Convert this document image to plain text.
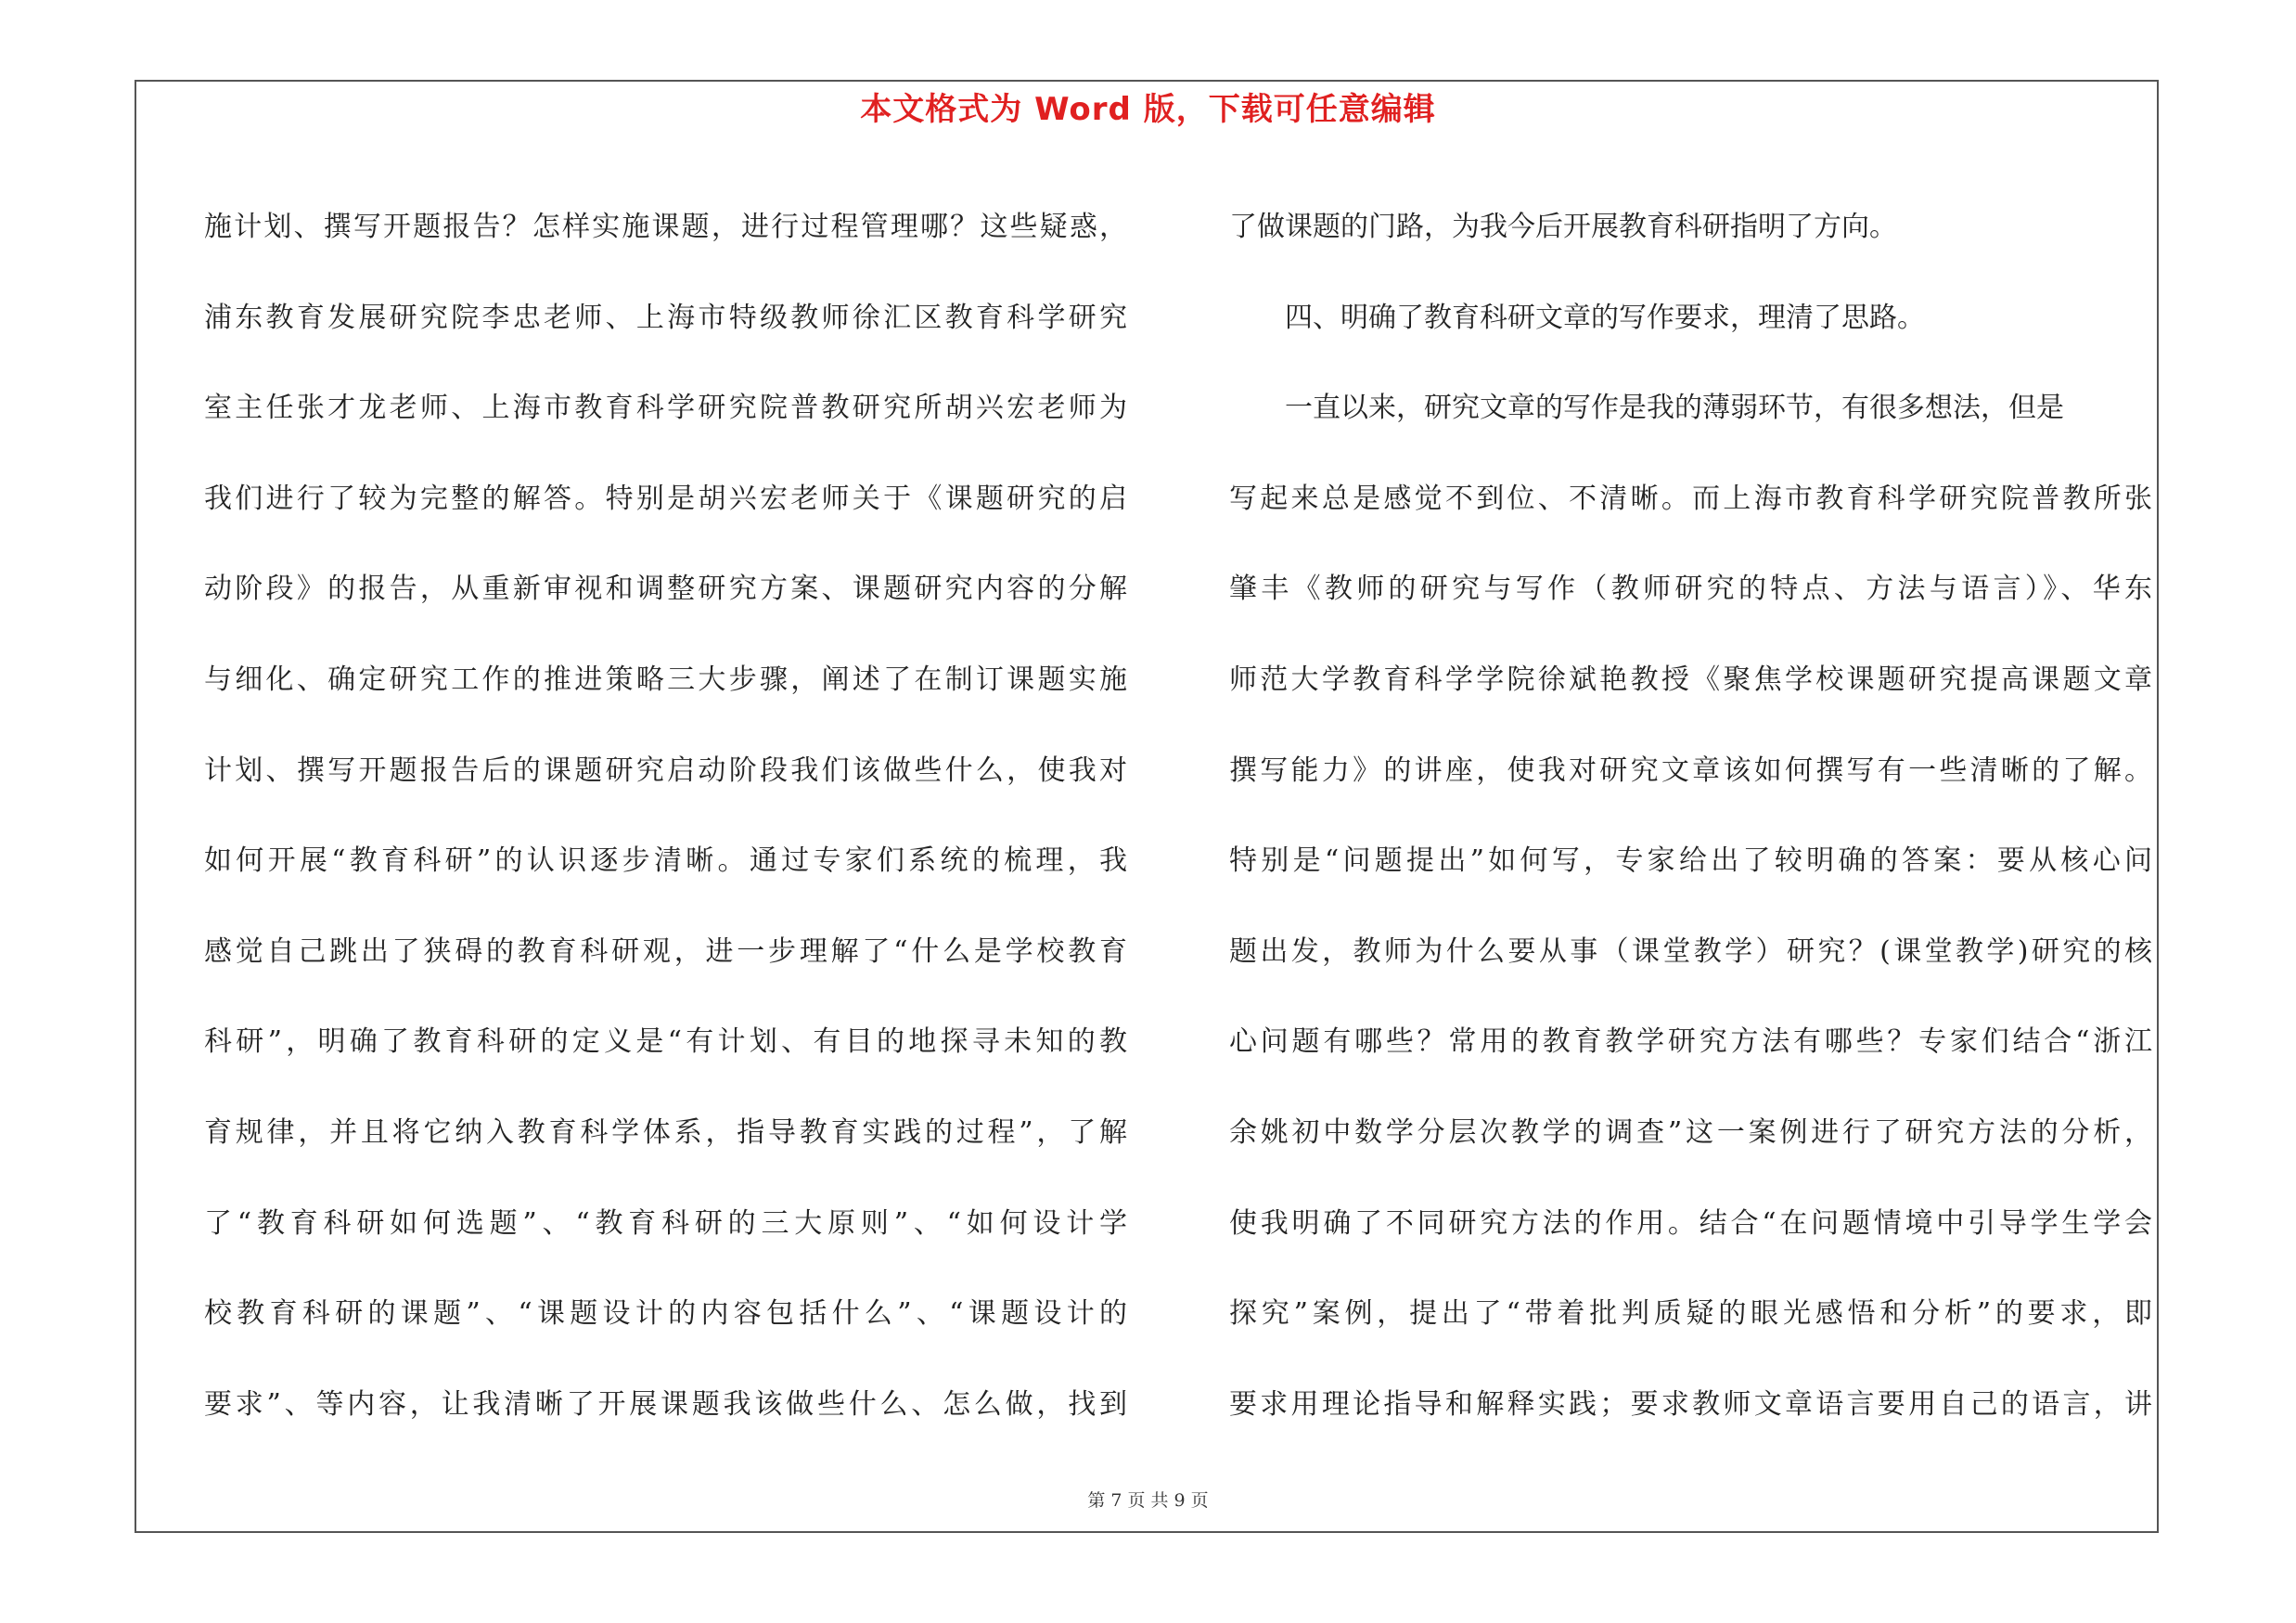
本文格式为 Word 版，下载可任意编辑
施计划、撰写开题报告？怎样实施课题，进行过程管理哪？这些疑惑，
浦东教育发展研究院李忠老师、上海市特级教师徐汇区教育科学研究
室主任张才龙老师、上海市教育科学研究院普教研究所胡兴宏老师为
我们进行了较为完整的解答。特别是胡兴宏老师关于《课题研究的启
动阶段》的报告，从重新审视和调整研究方案、课题研究内容的分解
与细化、确定研究工作的推进策略三大步骤，阐述了在制订课题实施
计划、撰写开题报告后的课题研究启动阶段我们该做些什么，使我对
如何开展“教育科研”的认识逐步清晰。通过专家们系统的梳理，我
感觉自己跳出了狭碍的教育科研观，进一步理解了“什么是学校教育
科研”，明确了教育科研的定义是“有计划、有目的地探寻未知的教
育规律，并且将它纳入教育科学体系，指导教育实践的过程”，了解
了“教育科研如何选题”、“教育科研的三大原则”、“如何设计学
校教育科研的课题”、“课题设计的内容包括什么”、“课题设计的
要求”、等内容，让我清晰了开展课题我该做些什么、怎么做，找到
了做课题的门路，为我今后开展教育科研指明了方向。
四、明确了教育科研文章的写作要求，理清了思路。
一直以来，研究文章的写作是我的薄弱环节，有很多想法，但是
写起来总是感觉不到位、不清晰。而上海市教育科学研究院普教所张
肇丰《教师的研究与写作（教师研究的特点、方法与语言）》、华东
师范大学教育科学学院徐斌艳教授《聚焦学校课题研究提高课题文章
撰写能力》的讲座，使我对研究文章该如何撰写有一些清晰的了解。
特别是“问题提出”如何写，专家给出了较明确的答案：要从核心问
题出发，教师为什么要从事（课堂教学）研究？(课堂教学)研究的核
心问题有哪些？常用的教育教学研究方法有哪些？专家们结合“浙江
余姚初中数学分层次教学的调查”这一案例进行了研究方法的分析，
使我明确了不同研究方法的作用。结合“在问题情境中引导学生学会
探究”案例，提出了“带着批判质疑的眼光感悟和分析”的要求，即
要求用理论指导和解释实践；要求教师文章语言要用自己的语言，讲
第 7 页 共 9 页
